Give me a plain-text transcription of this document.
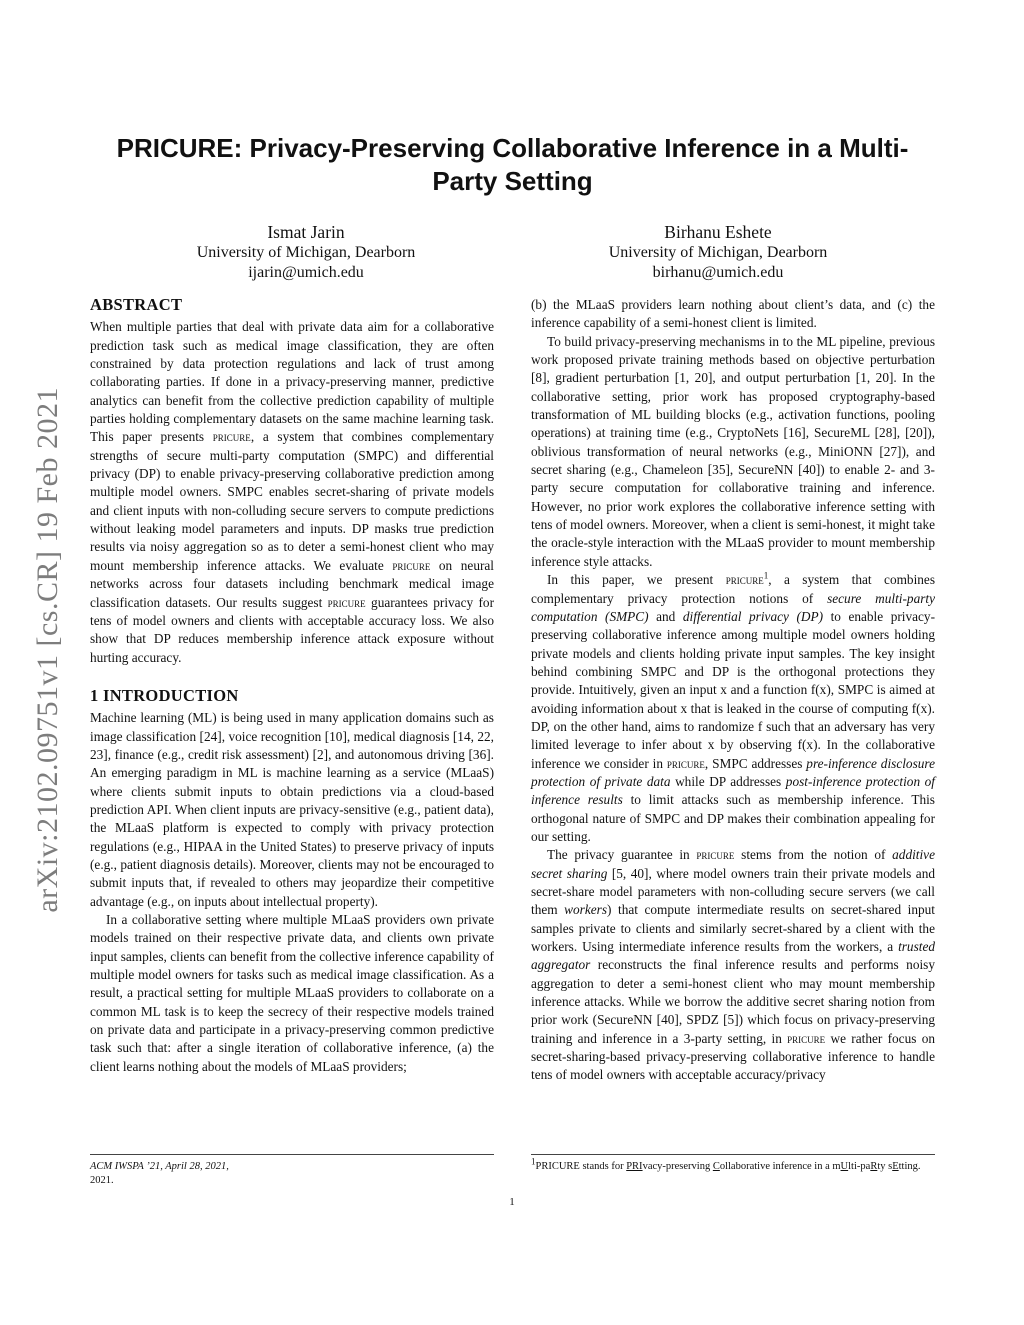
arXiv:2102.09751v1 [cs.CR] 19 Feb 2021
PRICURE: Privacy-Preserving Collaborative Inference in a Multi-Party Setting
Ismat Jarin
University of Michigan, Dearborn
ijarin@umich.edu
Birhanu Eshete
University of Michigan, Dearborn
birhanu@umich.edu
ABSTRACT

When multiple parties that deal with private data aim for a collaborative prediction task such as medical image classification, they are often constrained by data protection regulations and lack of trust among collaborating parties. If done in a privacy-preserving manner, predictive analytics can benefit from the collective prediction capability of multiple parties holding complementary datasets on the same machine learning task. This paper presents pricure, a system that combines complementary strengths of secure multi-party computation (SMPC) and differential privacy (DP) to enable privacy-preserving collaborative prediction among multiple model owners. SMPC enables secret-sharing of private models and client inputs with non-colluding secure servers to compute predictions without leaking model parameters and inputs. DP masks true prediction results via noisy aggregation so as to deter a semi-honest client who may mount membership inference attacks. We evaluate pricure on neural networks across four datasets including benchmark medical image classification datasets. Our results suggest pricure guarantees privacy for tens of model owners and clients with acceptable accuracy loss. We also show that DP reduces membership inference attack exposure without hurting accuracy.

1 INTRODUCTION

Machine learning (ML) is being used in many application domains such as image classification [24], voice recognition [10], medical diagnosis [14, 22, 23], finance (e.g., credit risk assessment) [2], and autonomous driving [36]. An emerging paradigm in ML is machine learning as a service (MLaaS) where clients submit inputs to obtain predictions via a cloud-based prediction API. When client inputs are privacy-sensitive (e.g., patient data), the MLaaS platform is expected to comply with privacy protection regulations (e.g., HIPAA in the United States) to preserve privacy of inputs (e.g., patient diagnosis details). Moreover, clients may not be encouraged to submit inputs that, if revealed to others may jeopardize their competitive advantage (e.g., on inputs about intellectual property).

In a collaborative setting where multiple MLaaS providers own private models trained on their respective private data, and clients own private input samples, clients can benefit from the collective inference capability of multiple model owners for tasks such as medical image classification. As a result, a practical setting for multiple MLaaS providers to collaborate on a common ML task is to keep the secrecy of their respective models trained on private data and participate in a privacy-preserving common predictive task such that: after a single iteration of collaborative inference, (a) the client learns nothing about the models of MLaaS providers;

(b) the MLaaS providers learn nothing about client’s data, and (c) the inference capability of a semi-honest client is limited.

To build privacy-preserving mechanisms in to the ML pipeline, previous work proposed private training methods based on objective perturbation [8], gradient perturbation [1, 20], and output perturbation [1, 20]. In the collaborative setting, prior work has proposed cryptography-based transformation of ML building blocks (e.g., activation functions, pooling operations) at training time (e.g., CryptoNets [16], SecureML [28], [20]), oblivious transformation of neural networks (e.g., MiniONN [27]), and secret sharing (e.g., Chameleon [35], SecureNN [40]) to enable 2- and 3-party secure computation for collaborative training and inference. However, no prior work explores the collaborative inference setting with tens of model owners. Moreover, when a client is semi-honest, it might take the oracle-style interaction with the MLaaS provider to mount membership inference style attacks.

In this paper, we present pricure$^1$, a system that combines complementary privacy protection notions of secure multi-party computation (SMPC) and differential privacy (DP) to enable privacy-preserving collaborative inference among multiple model owners holding private models and clients holding private input samples. The key insight behind combining SMPC and DP is the orthogonal protections they provide. Intuitively, given an input x and a function f(x), SMPC is aimed at avoiding information about x that is leaked in the course of computing f(x). DP, on the other hand, aims to randomize f such that an adversary has very limited leverage to infer about x by observing f(x). In the collaborative inference we consider in pricure, SMPC addresses pre-inference disclosure protection of private data while DP addresses post-inference protection of inference results to limit attacks such as membership inference. This orthogonal nature of SMPC and DP makes their combination appealing for our setting.

The privacy guarantee in pricure stems from the notion of additive secret sharing [5, 40], where model owners train their private models and secret-share model parameters with non-colluding secure servers (we call them workers) that compute intermediate results on secret-shared input samples private to clients and similarly secret-shared by a client with the workers. Using intermediate inference results from the workers, a trusted aggregator reconstructs the final inference results and performs noisy aggregation to deter a semi-honest client who may mount membership inference attacks. While we borrow the additive secret sharing notion from prior work (SecureNN [40], SPDZ [5]) which focus on privacy-preserving training and inference in a 3-party setting, in pricure we rather focus on secret-sharing-based privacy-preserving collaborative inference to handle tens of model owners with acceptable accuracy/privacy

ACM IWSPA ’21, April 28, 2021,
2021.
$^1$PRICURE stands for PRIvacy-preserving Collaborative inference in a mUlti-paRty sEtting.
1
